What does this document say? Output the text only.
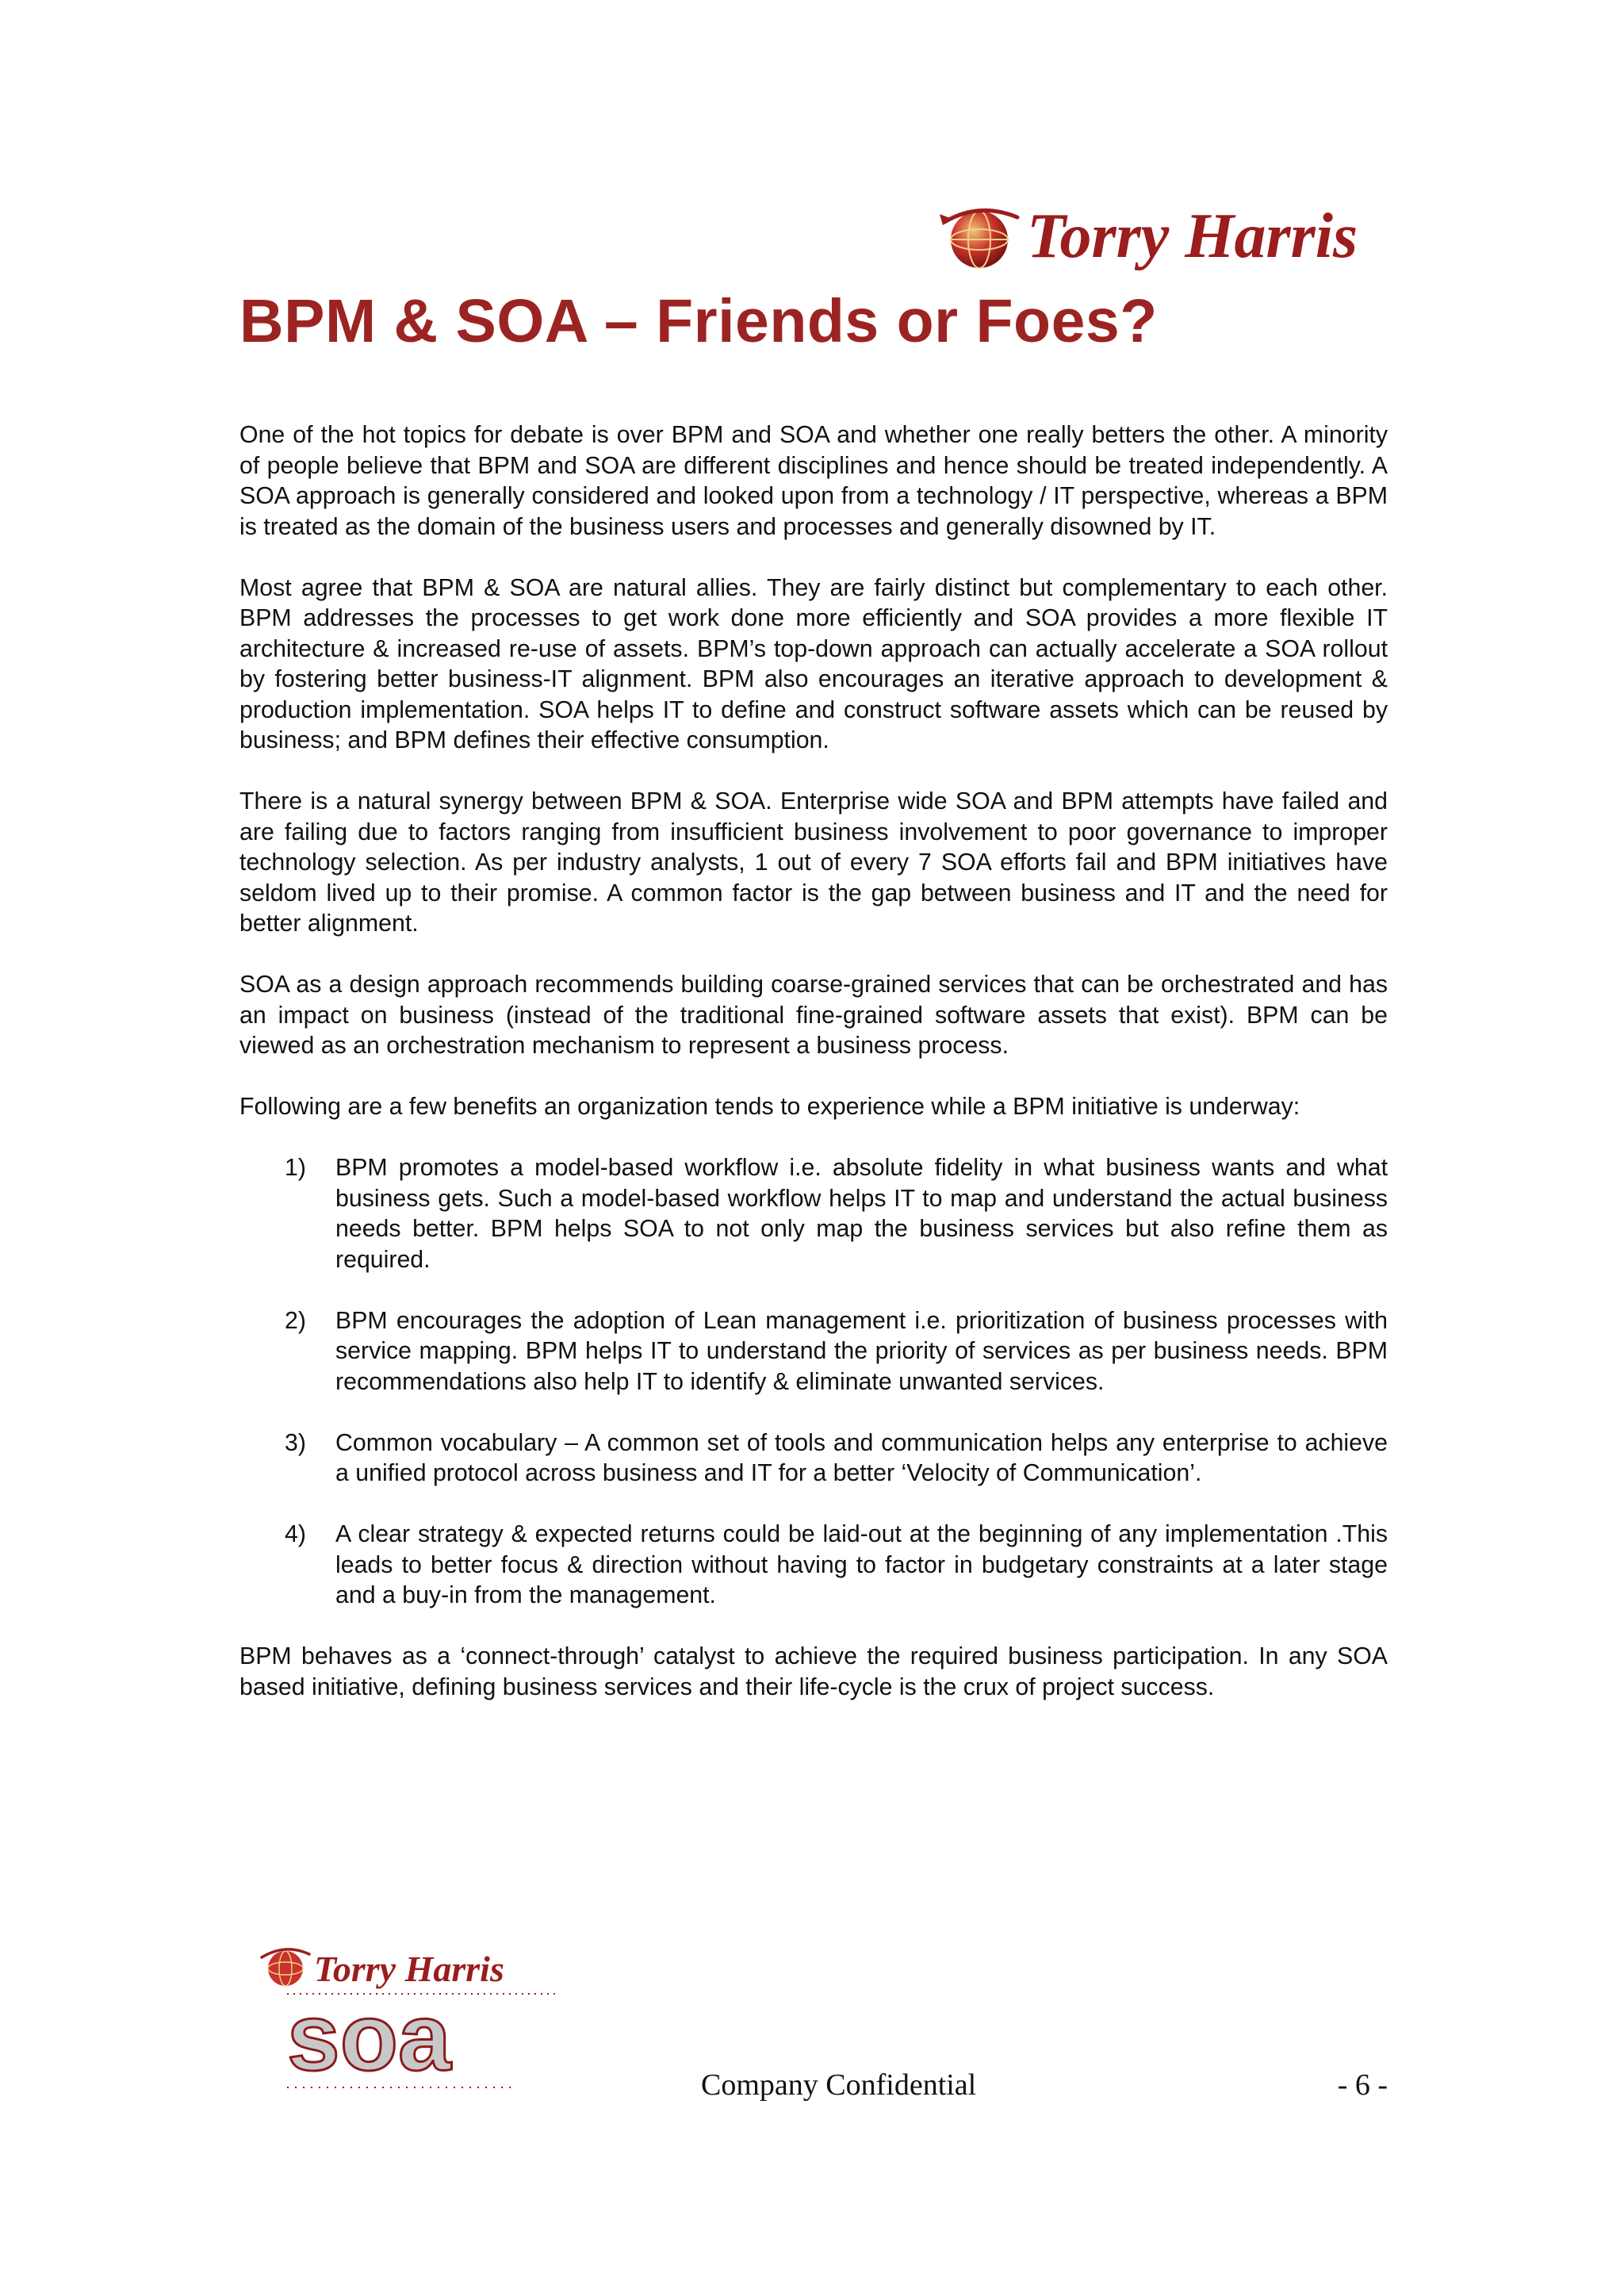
Torry Harris
BPM & SOA – Friends or Foes?

One of the hot topics for debate is over BPM and SOA and whether one really betters the other. A minority of people believe that BPM and SOA are different disciplines and hence should be treated independently. A SOA approach is generally considered and looked upon from a technology / IT perspective, whereas a BPM is treated as the domain of the business users and processes and generally disowned by IT.

Most agree that BPM & SOA are natural allies. They are fairly distinct but complementary to each other. BPM addresses the processes to get work done more efficiently and SOA provides a more flexible IT architecture & increased re-use of assets. BPM’s top-down approach can actually accelerate a SOA rollout by fostering better business-IT alignment. BPM also encourages an iterative approach to development & production implementation. SOA helps IT to define and construct software assets which can be reused by business; and BPM defines their effective consumption.

There is a natural synergy between BPM & SOA. Enterprise wide SOA and BPM attempts have failed and are failing due to factors ranging from insufficient business involvement to poor governance to improper technology selection. As per industry analysts, 1 out of every 7 SOA efforts fail and BPM initiatives have seldom lived up to their promise. A common factor is the gap between business and IT and the need for better alignment.

SOA as a design approach recommends building coarse-grained services that can be orchestrated and has an impact on business (instead of the traditional fine-grained software assets that exist). BPM can be viewed as an orchestration mechanism to represent a business process.

Following are a few benefits an organization tends to experience while a BPM initiative is underway:

1) BPM promotes a model-based workflow i.e. absolute fidelity in what business wants and what business gets. Such a model-based workflow helps IT to map and understand the actual business needs better. BPM helps SOA to not only map the business services but also refine them as required.
2) BPM encourages the adoption of Lean management i.e. prioritization of business processes with service mapping. BPM helps IT to understand the priority of services as per business needs. BPM recommendations also help IT to identify & eliminate unwanted services.
3) Common vocabulary – A common set of tools and communication helps any enterprise to achieve a unified protocol across business and IT for a better ‘Velocity of Communication’.
4) A clear strategy & expected returns could be laid-out at the beginning of any implementation .This leads to better focus & direction without having to factor in budgetary constraints at a later stage and a buy-in from the management.

BPM behaves as a ‘connect-through’ catalyst to achieve the required business participation. In any SOA based initiative, defining business services and their life-cycle is the crux of project success.

Torry Harris
soa	Company Confidential	- 6 -
